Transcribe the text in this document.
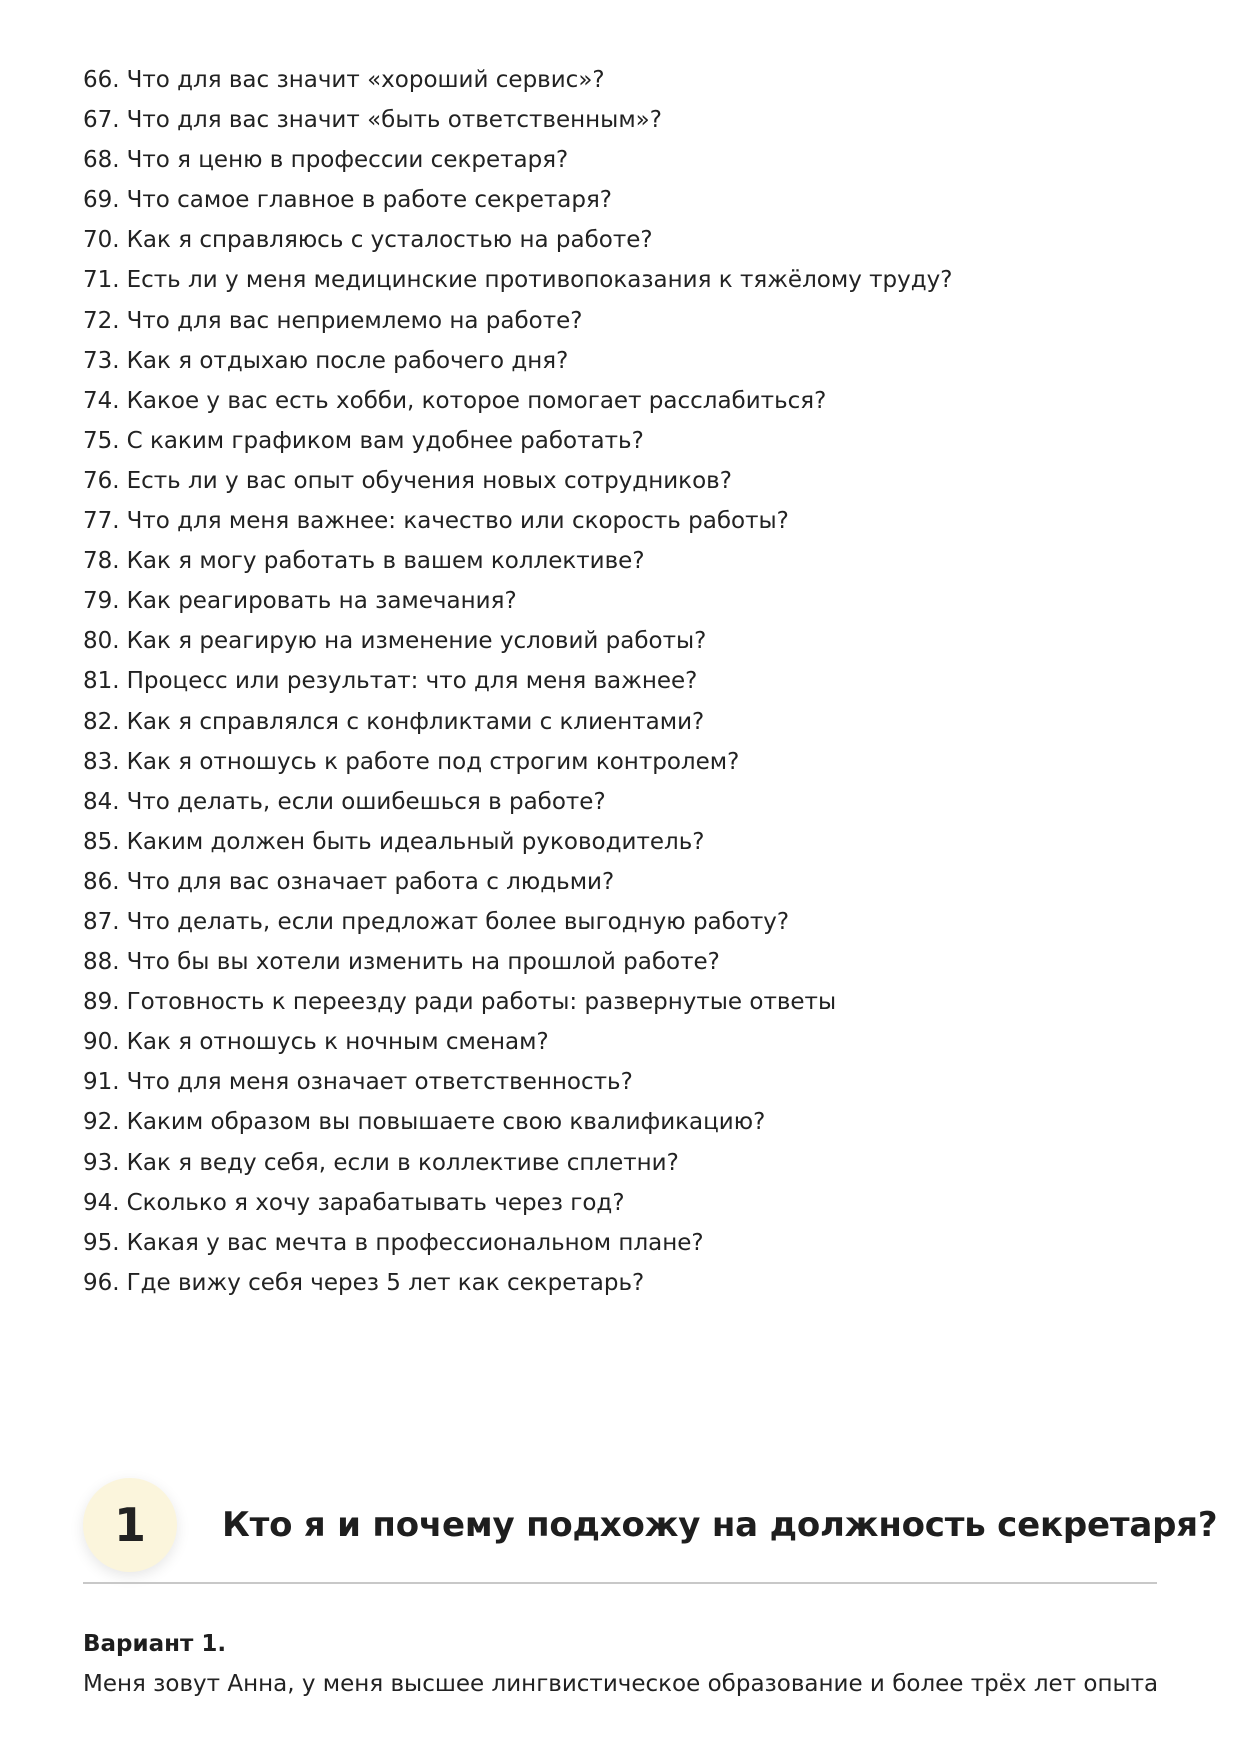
66. Что для вас значит «хороший сервис»?
67. Что для вас значит «быть ответственным»?
68. Что я ценю в профессии секретаря?
69. Что самое главное в работе секретаря?
70. Как я справляюсь с усталостью на работе?
71. Есть ли у меня медицинские противопоказания к тяжёлому труду?
72. Что для вас неприемлемо на работе?
73. Как я отдыхаю после рабочего дня?
74. Какое у вас есть хобби, которое помогает расслабиться?
75. С каким графиком вам удобнее работать?
76. Есть ли у вас опыт обучения новых сотрудников?
77. Что для меня важнее: качество или скорость работы?
78. Как я могу работать в вашем коллективе?
79. Как реагировать на замечания?
80. Как я реагирую на изменение условий работы?
81. Процесс или результат: что для меня важнее?
82. Как я справлялся с конфликтами с клиентами?
83. Как я отношусь к работе под строгим контролем?
84. Что делать, если ошибешься в работе?
85. Каким должен быть идеальный руководитель?
86. Что для вас означает работа с людьми?
87. Что делать, если предложат более выгодную работу?
88. Что бы вы хотели изменить на прошлой работе?
89. Готовность к переезду ради работы: развернутые ответы
90. Как я отношусь к ночным сменам?
91. Что для меня означает ответственность?
92. Каким образом вы повышаете свою квалификацию?
93. Как я веду себя, если в коллективе сплетни?
94. Сколько я хочу зарабатывать через год?
95. Какая у вас мечта в профессиональном плане?
96. Где вижу себя через 5 лет как секретарь?
1	Кто я и почему подхожу на должность секретаря?
Вариант 1.
Меня зовут Анна, у меня высшее лингвистическое образование и более трёх лет опыта
